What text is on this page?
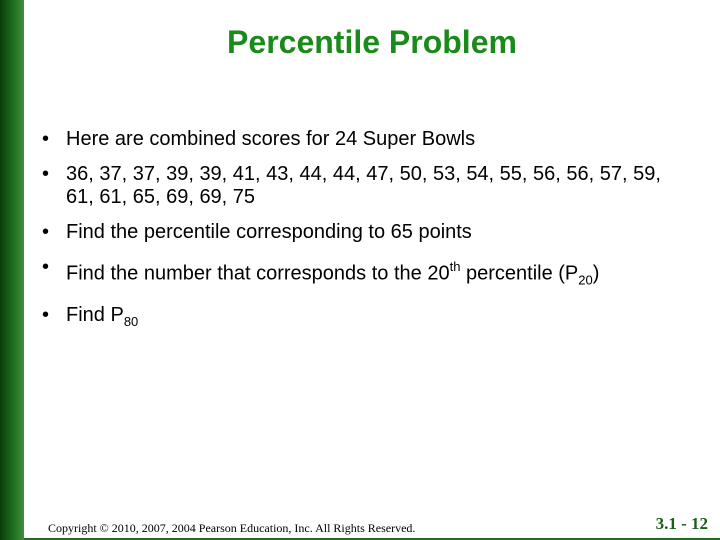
Percentile Problem
• Here are combined scores for 24 Super Bowls
• 36, 37, 37, 39, 39, 41, 43, 44, 44, 47, 50, 53, 54, 55, 56, 56, 57, 59, 61, 61, 65, 69, 69, 75
• Find the percentile corresponding to 65 points
• Find the number that corresponds to the 20th percentile $(P_{20})$
• Find $P_{80}$
Copyright © 2010, 2007, 2004 Pearson Education, Inc. All Rights Reserved.	3.1 - 12
